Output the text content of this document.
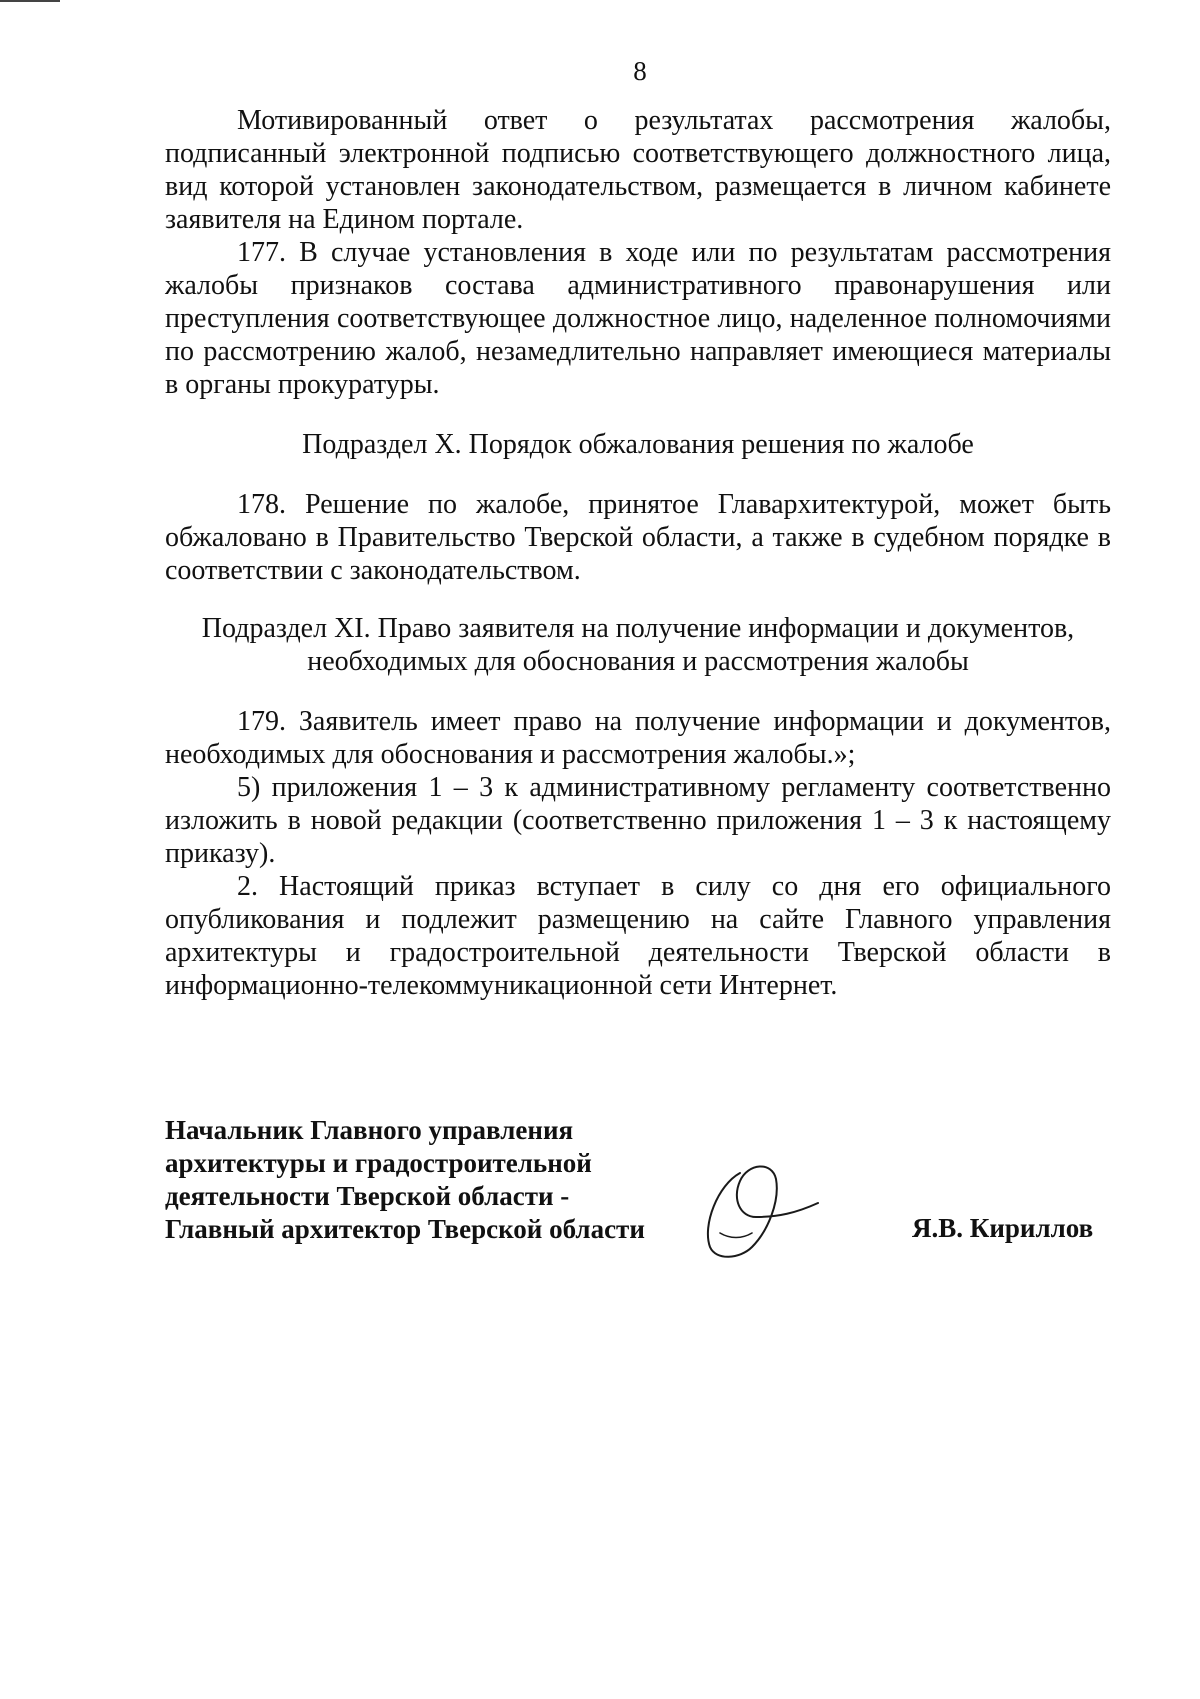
8

Мотивированный ответ о результатах рассмотрения жалобы, подписанный электронной подписью соответствующего должностного лица, вид которой установлен законодательством, размещается в личном кабинете заявителя на Едином портале.

177. В случае установления в ходе или по результатам рассмотрения жалобы признаков состава административного правонарушения или преступления соответствующее должностное лицо, наделенное полномочиями по рассмотрению жалоб, незамедлительно направляет имеющиеся материалы в органы прокуратуры.

Подраздел X. Порядок обжалования решения по жалобе

178. Решение по жалобе, принятое Главархитектурой, может быть обжаловано в Правительство Тверской области, а также в судебном порядке в соответствии с законодательством.

Подраздел XI. Право заявителя на получение информации и документов,

необходимых для обоснования и рассмотрения жалобы

179. Заявитель имеет право на получение информации и документов, необходимых для обоснования и рассмотрения жалобы.»;

5) приложения 1 – 3 к административному регламенту соответственно изложить в новой редакции (соответственно приложения 1 – 3 к настоящему приказу).

2. Настоящий приказ вступает в силу со дня его официального опубликования и подлежит размещению на сайте Главного управления архитектуры и градостроительной деятельности Тверской области в информационно-телекоммуникационной сети Интернет.

Начальник Главного управления
архитектуры и градостроительной
деятельности Тверской области -
Главный архитектор Тверской области	Я.В. Кириллов
